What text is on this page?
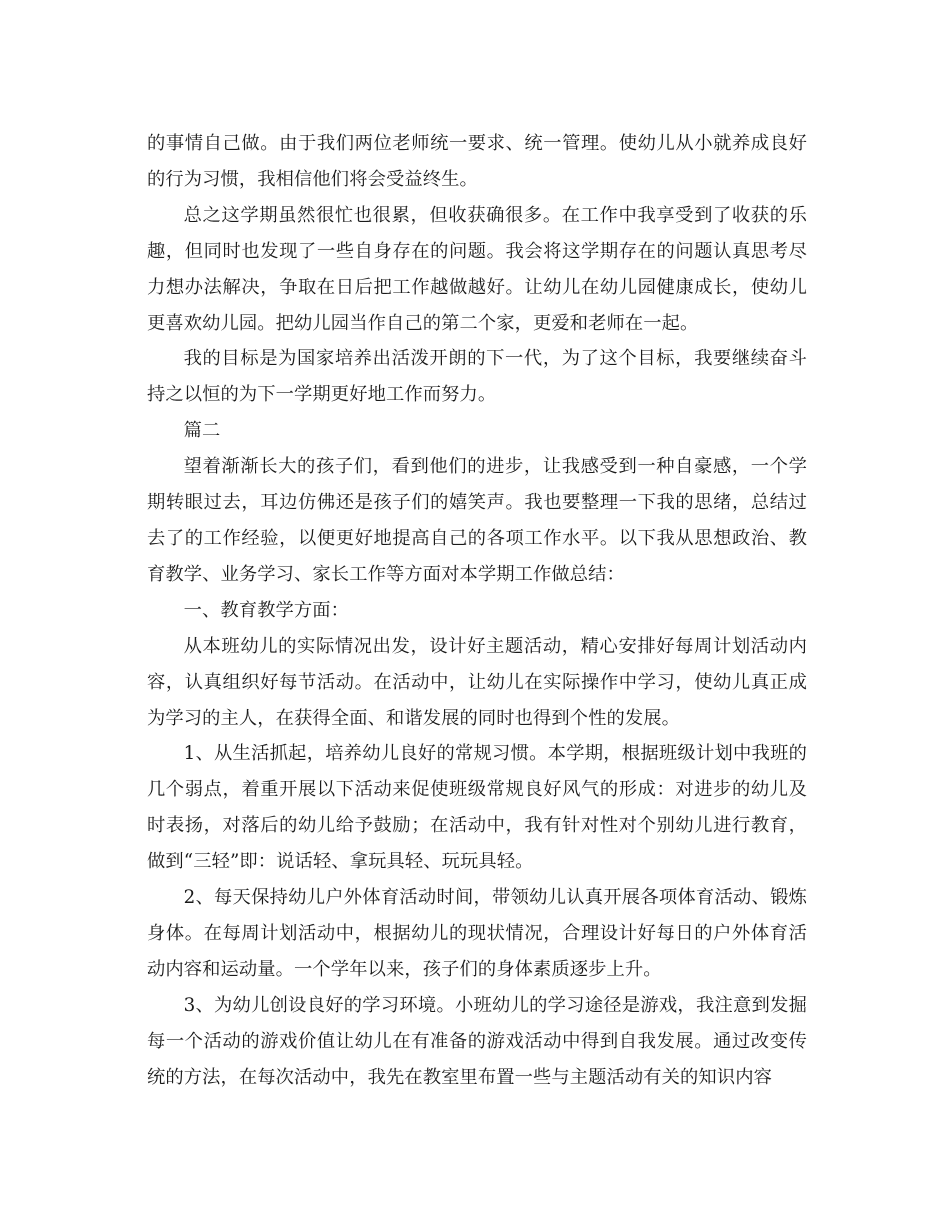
的事情自己做。由于我们两位老师统一要求、统一管理。使幼儿从小就养成良好的行为习惯，我相信他们将会受益终生。

总之这学期虽然很忙也很累，但收获确很多。在工作中我享受到了收获的乐趣，但同时也发现了一些自身存在的问题。我会将这学期存在的问题认真思考尽力想办法解决，争取在日后把工作越做越好。让幼儿在幼儿园健康成长，使幼儿更喜欢幼儿园。把幼儿园当作自己的第二个家，更爱和老师在一起。

我的目标是为国家培养出活泼开朗的下一代，为了这个目标，我要继续奋斗持之以恒的为下一学期更好地工作而努力。

篇二

望着渐渐长大的孩子们，看到他们的进步，让我感受到一种自豪感，一个学期转眼过去，耳边仿佛还是孩子们的嬉笑声。我也要整理一下我的思绪，总结过去了的工作经验，以便更好地提高自己的各项工作水平。以下我从思想政治、教育教学、业务学习、家长工作等方面对本学期工作做总结：

一、教育教学方面：

从本班幼儿的实际情况出发，设计好主题活动，精心安排好每周计划活动内容，认真组织好每节活动。在活动中，让幼儿在实际操作中学习，使幼儿真正成为学习的主人，在获得全面、和谐发展的同时也得到个性的发展。

1、从生活抓起，培养幼儿良好的常规习惯。本学期，根据班级计划中我班的几个弱点，着重开展以下活动来促使班级常规良好风气的形成：对进步的幼儿及时表扬，对落后的幼儿给予鼓励；在活动中，我有针对性对个别幼儿进行教育，做到“三轻”即：说话轻、拿玩具轻、玩玩具轻。

2、每天保持幼儿户外体育活动时间，带领幼儿认真开展各项体育活动、锻炼身体。在每周计划活动中，根据幼儿的现状情况，合理设计好每日的户外体育活动内容和运动量。一个学年以来，孩子们的身体素质逐步上升。

3、为幼儿创设良好的学习环境。小班幼儿的学习途径是游戏，我注意到发掘每一个活动的游戏价值让幼儿在有准备的游戏活动中得到自我发展。通过改变传统的方法，在每次活动中，我先在教室里布置一些与主题活动有关的知识内容
